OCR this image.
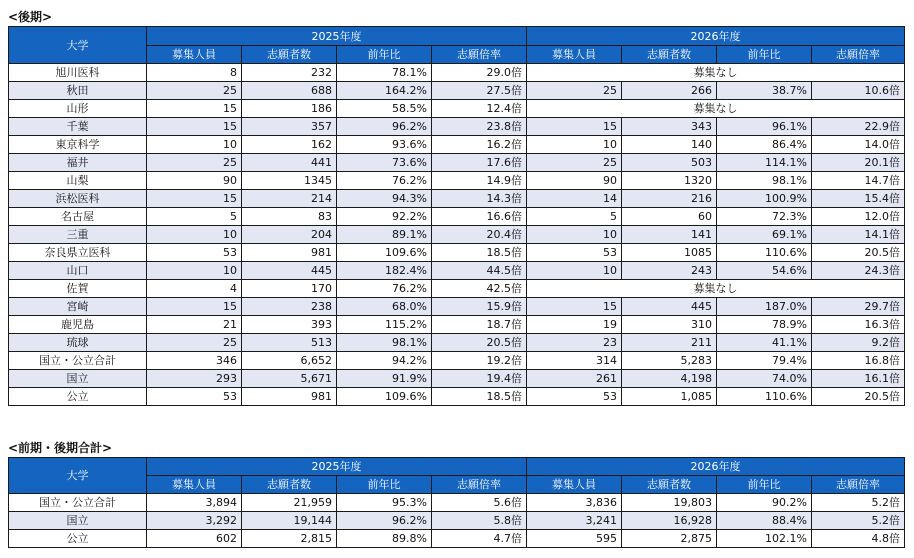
<後期>
大学	2025年度				2026年度			
	募集人員	志願者数	前年比	志願倍率	募集人員	志願者数	前年比	志願倍率
旭川医科	8	232	78.1%	29.0倍	募集なし			
秋田	25	688	164.2%	27.5倍	25	266	38.7%	10.6倍
山形	15	186	58.5%	12.4倍	募集なし			
千葉	15	357	96.2%	23.8倍	15	343	96.1%	22.9倍
東京科学	10	162	93.6%	16.2倍	10	140	86.4%	14.0倍
福井	25	441	73.6%	17.6倍	25	503	114.1%	20.1倍
山梨	90	1345	76.2%	14.9倍	90	1320	98.1%	14.7倍
浜松医科	15	214	94.3%	14.3倍	14	216	100.9%	15.4倍
名古屋	5	83	92.2%	16.6倍	5	60	72.3%	12.0倍
三重	10	204	89.1%	20.4倍	10	141	69.1%	14.1倍
奈良県立医科	53	981	109.6%	18.5倍	53	1085	110.6%	20.5倍
山口	10	445	182.4%	44.5倍	10	243	54.6%	24.3倍
佐賀	4	170	76.2%	42.5倍	募集なし			
宮崎	15	238	68.0%	15.9倍	15	445	187.0%	29.7倍
鹿児島	21	393	115.2%	18.7倍	19	310	78.9%	16.3倍
琉球	25	513	98.1%	20.5倍	23	211	41.1%	9.2倍
国立・公立合計	346	6,652	94.2%	19.2倍	314	5,283	79.4%	16.8倍
国立	293	5,671	91.9%	19.4倍	261	4,198	74.0%	16.1倍
公立	53	981	109.6%	18.5倍	53	1,085	110.6%	20.5倍
<前期・後期合計>
大学	2025年度				2026年度			
	募集人員	志願者数	前年比	志願倍率	募集人員	志願者数	前年比	志願倍率
国立・公立合計	3,894	21,959	95.3%	5.6倍	3,836	19,803	90.2%	5.2倍
国立	3,292	19,144	96.2%	5.8倍	3,241	16,928	88.4%	5.2倍
公立	602	2,815	89.8%	4.7倍	595	2,875	102.1%	4.8倍
